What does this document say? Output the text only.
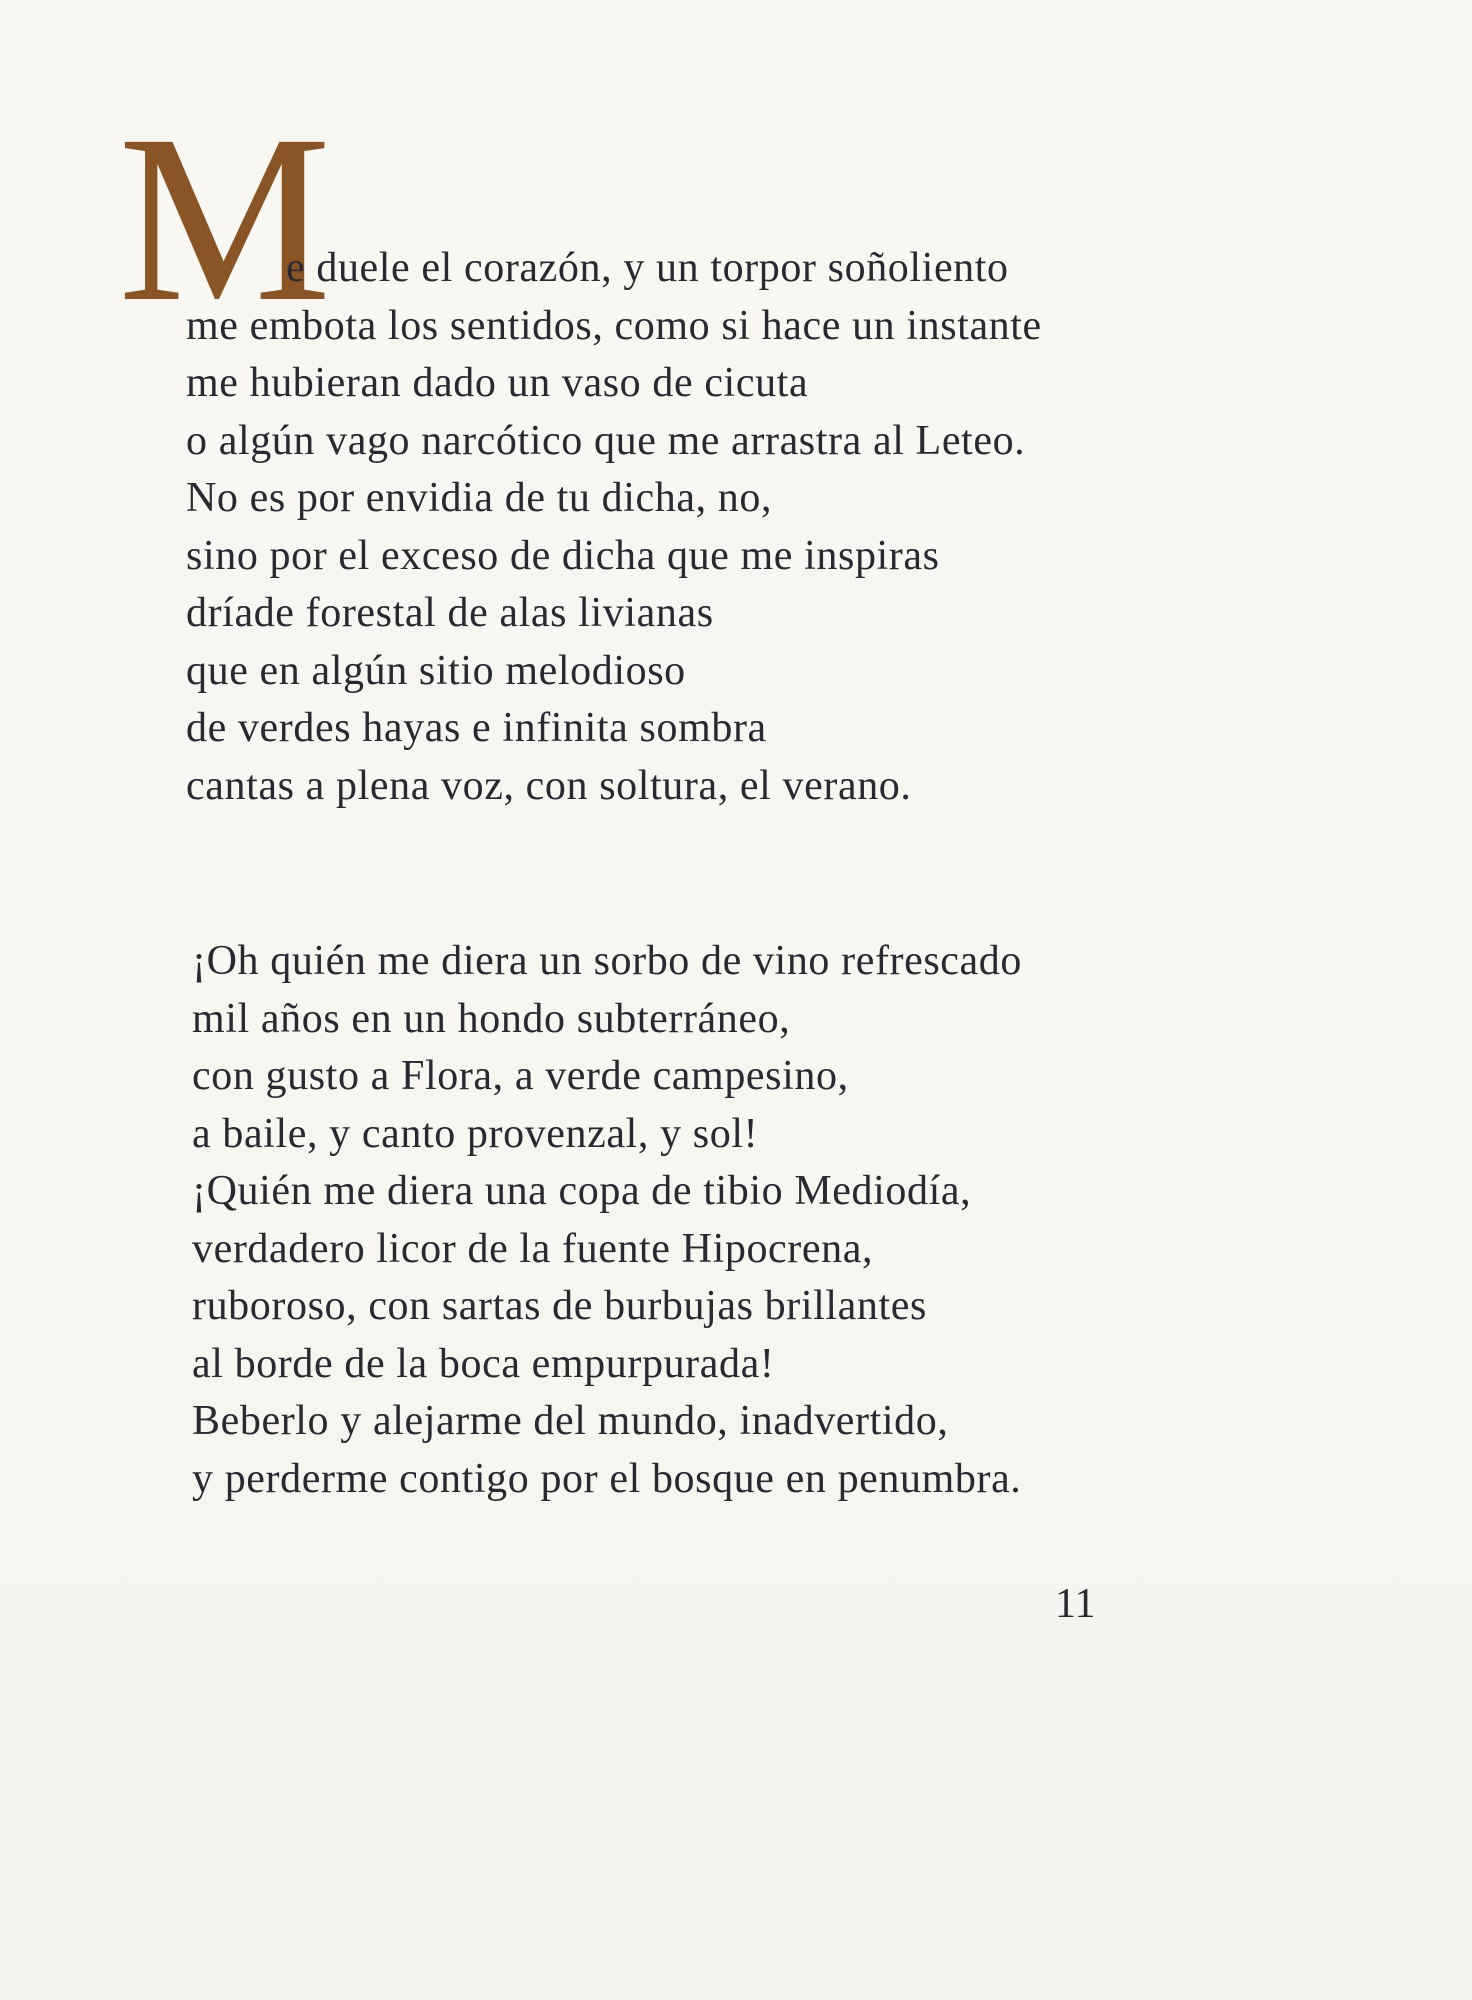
M
e duele el corazón, y un torpor soñoliento
me embota los sentidos, como si hace un instante
me hubieran dado un vaso de cicuta
o algún vago narcótico que me arrastra al Leteo.
No es por envidia de tu dicha, no,
sino por el exceso de dicha que me inspiras
dríade forestal de alas livianas
que en algún sitio melodioso
de verdes hayas e infinita sombra
cantas a plena voz, con soltura, el verano.
¡Oh quién me diera un sorbo de vino refrescado
mil años en un hondo subterráneo,
con gusto a Flora, a verde campesino,
a baile, y canto provenzal, y sol!
¡Quién me diera una copa de tibio Mediodía,
verdadero licor de la fuente Hipocrena,
ruboroso, con sartas de burbujas brillantes
al borde de la boca empurpurada!
Beberlo y alejarme del mundo, inadvertido,
y perderme contigo por el bosque en penumbra.
11
